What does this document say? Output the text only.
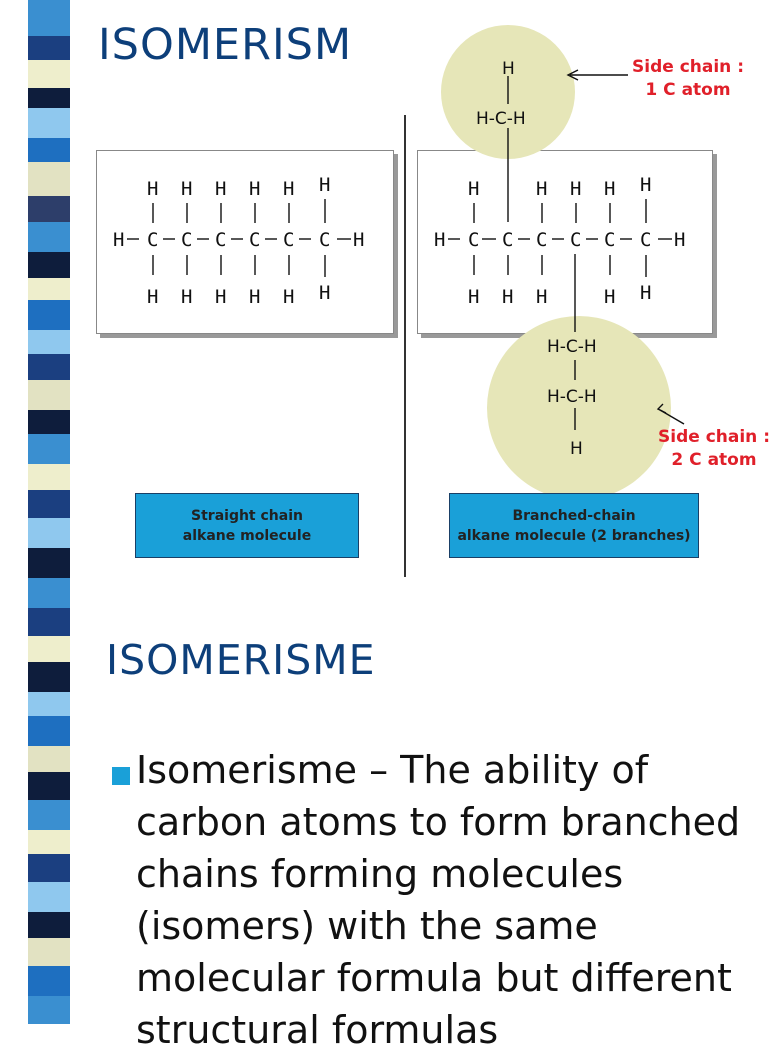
ISOMERISM
H H H H H H
H C C C C C C H
H H H H H H
H	H H H H
H C C C C C C H
H H H	H H
H
H-C-H
H-C-H
H-C-H
H
Side chain :
1 C atom
Side chain :
2 C atom
Straight chain
alkane molecule
Branched-chain
alkane molecule (2 branches)
ISOMERISME
Isomerisme – The ability of carbon atoms to form branched chains forming molecules (isomers) with the same molecular formula but different structural formulas
